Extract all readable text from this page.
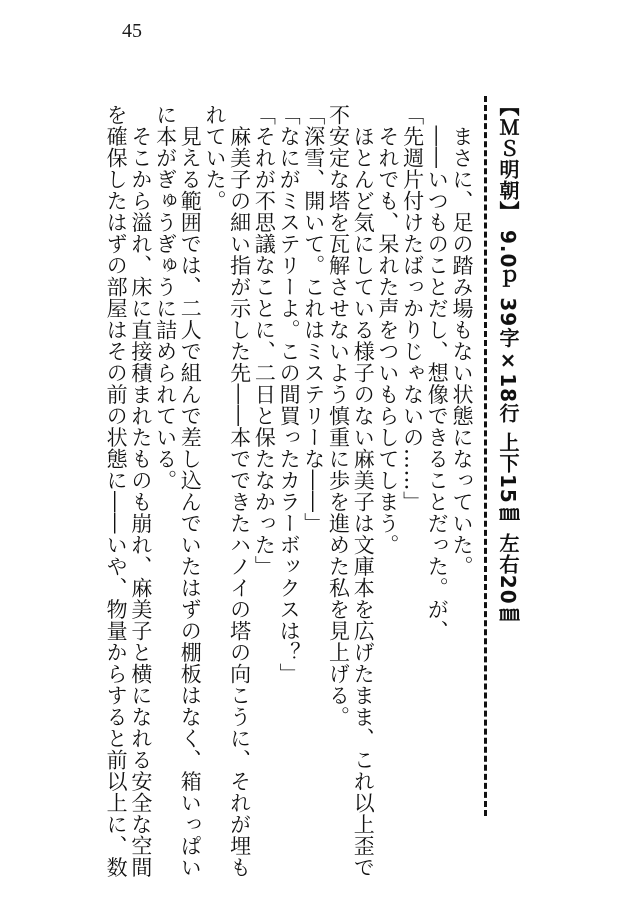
45
【ＭＳ明朝】 9.0ｐ 39字×18行 上下15㎜ 左右20㎜
　まさに、足の踏み場もない状態になっていた。
　――いつものことだし、想像できることだった。が、
「先週片付けたばっかりじゃないの……」
　それでも、呆れた声をついもらしてしまう。
　ほとんど気にしている様子のない麻美子は文庫本を広げたまま、これ以上歪で
不安定な塔を瓦解させないよう慎重に歩を進めた私を見上げる。
「深雪、開いて。これはミステリーな――」
「なにがミステリーよ。この間買ったカラーボックスは？」
「それが不思議なことに、二日と保たなかった」
　麻美子の細い指が示した先――本でできたハノイの塔の向こうに、それが埋も
れていた。
　見える範囲では、二人で組んで差し込んでいたはずの棚板はなく、箱いっぱい
に本がぎゅうぎゅうに詰められている。
　そこから溢れ、床に直接積まれたものも崩れ、麻美子と横になれる安全な空間
を確保したはずの部屋はその前の状態に――いや、物量からすると前以上に、数
